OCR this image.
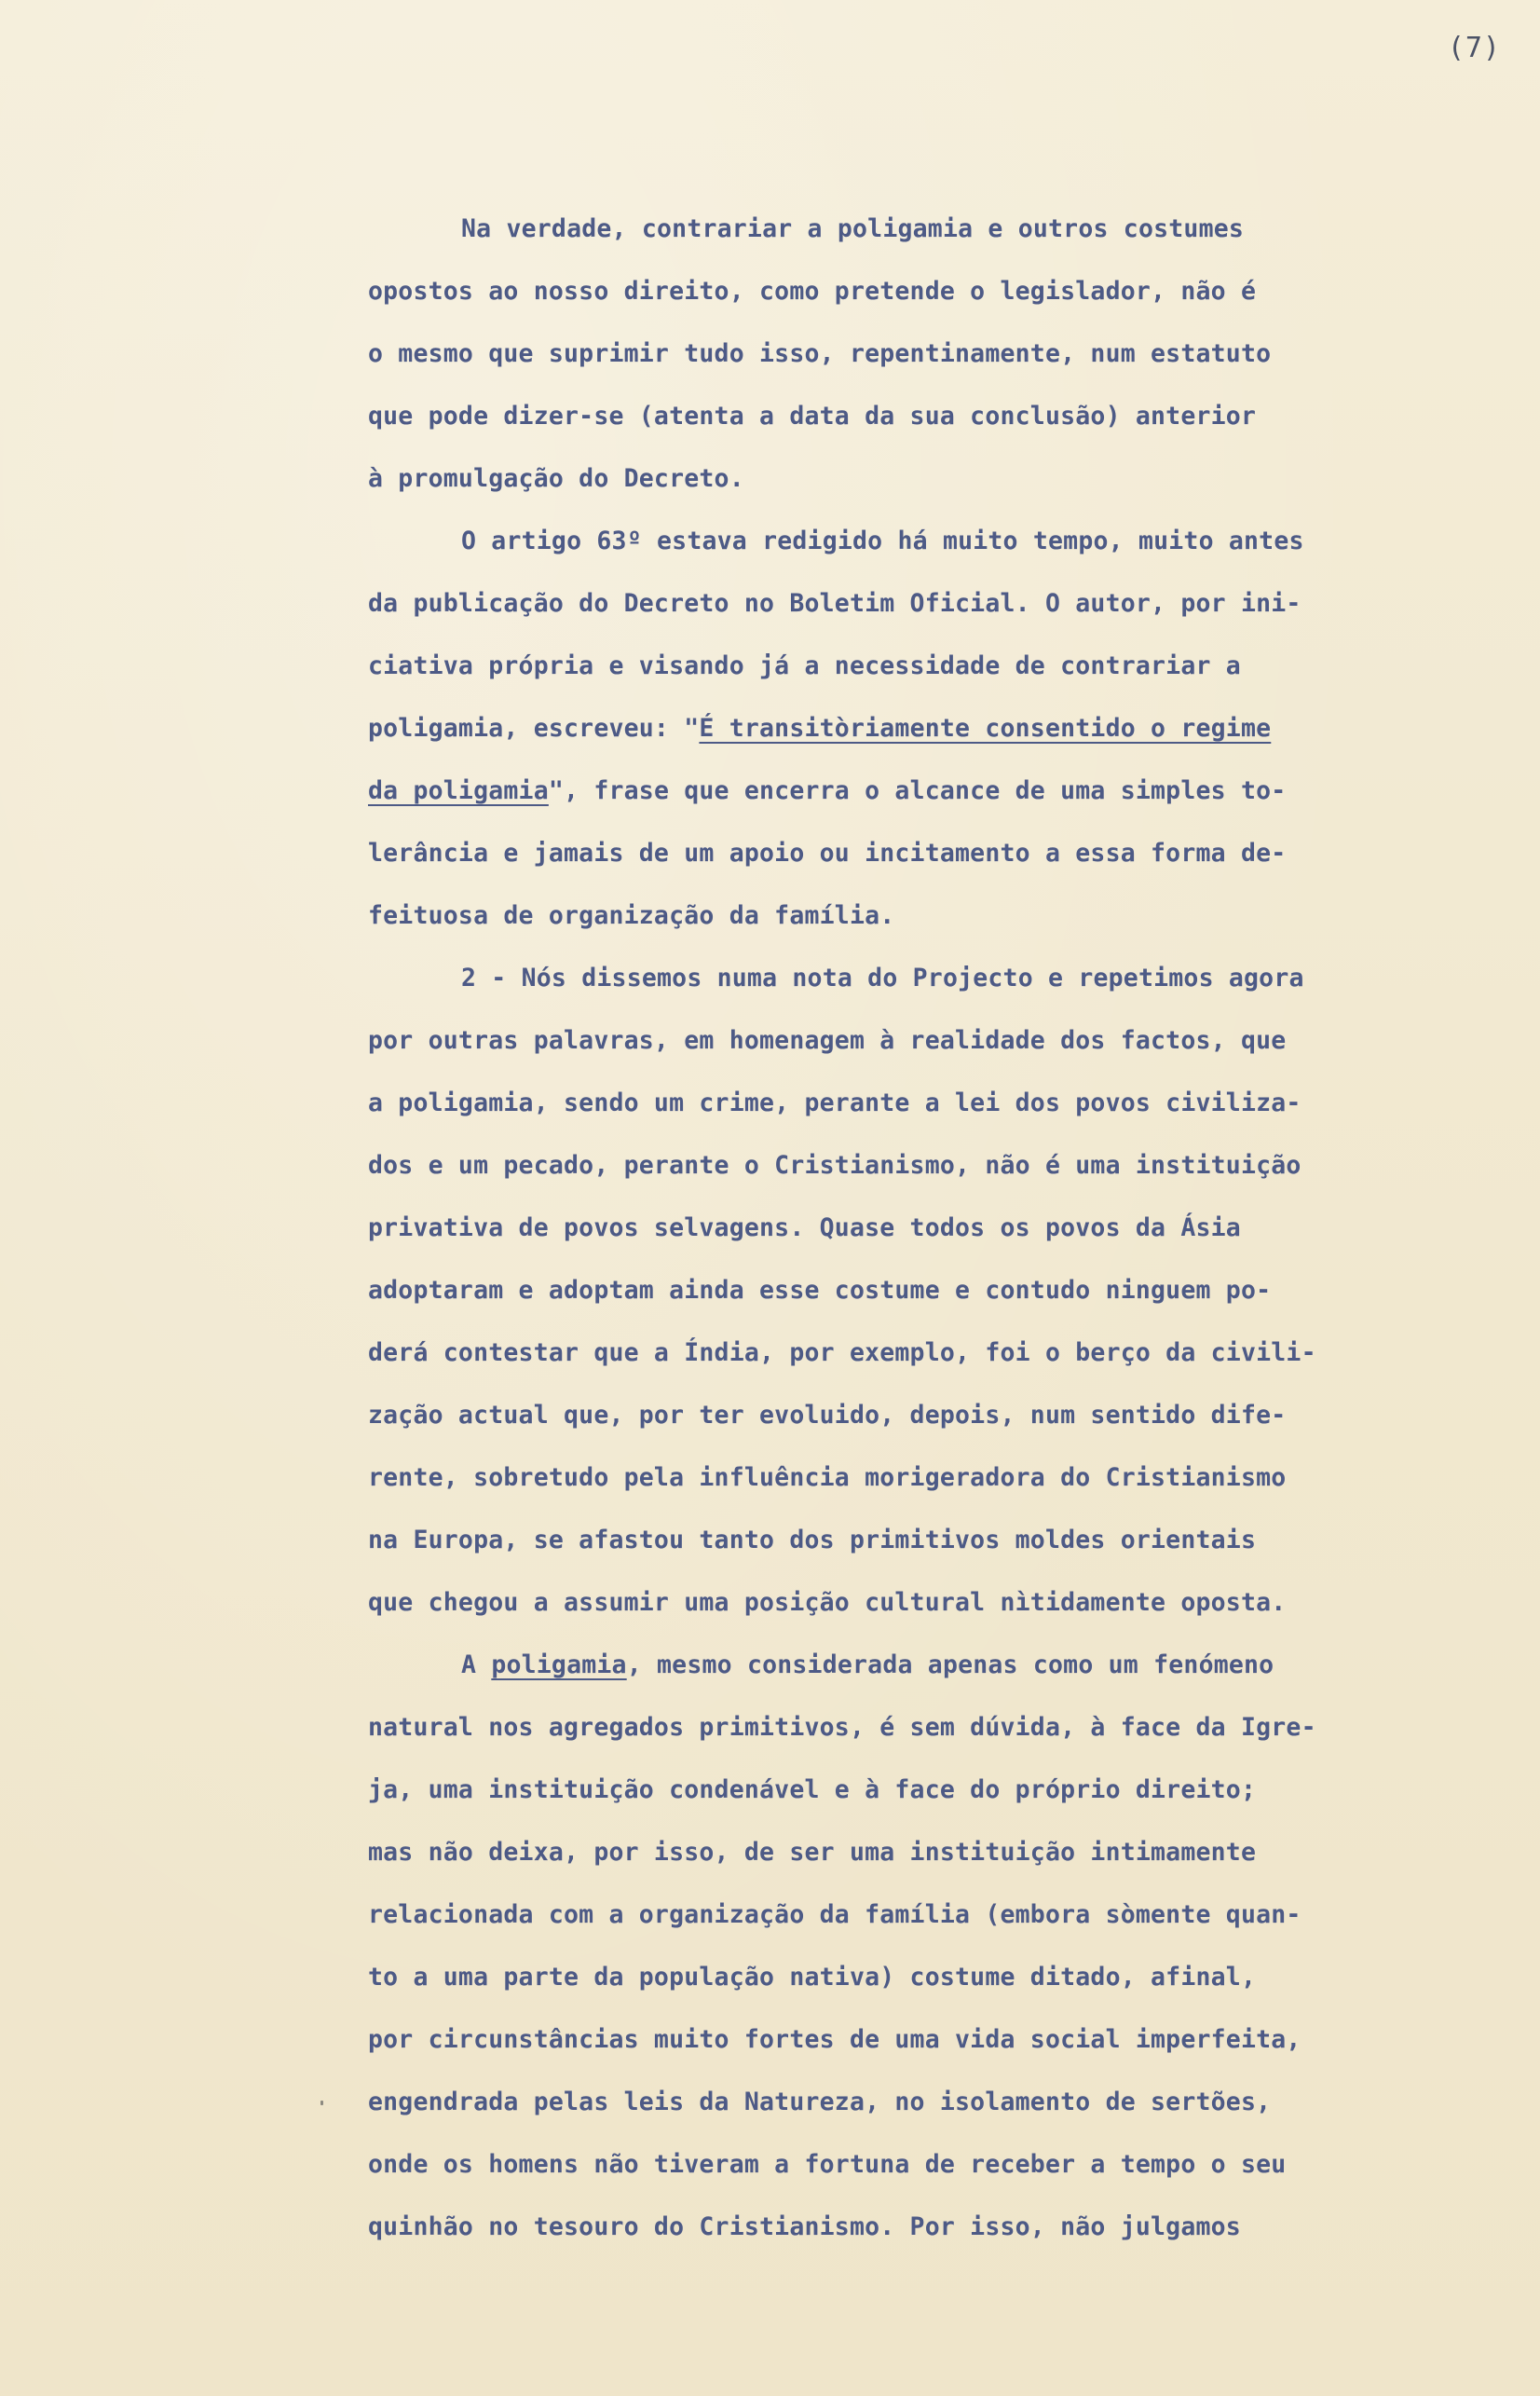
(7)
Na verdade, contrariar a poligamia e outros costumes
opostos ao nosso direito, como pretende o legislador, não é
o mesmo que suprimir tudo isso, repentinamente, num estatuto
que pode dizer-se (atenta a data da sua conclusão) anterior
à promulgação do Decreto.
O artigo 63º estava redigido há muito tempo, muito antes
da publicação do Decreto no Boletim Oficial. O autor, por ini-
ciativa própria e visando já a necessidade de contrariar a
poligamia, escreveu: "É transitòriamente consentido o regime
da poligamia", frase que encerra o alcance de uma simples to-
lerância e jamais de um apoio ou incitamento a essa forma de-
feituosa de organização da família.
2 - Nós dissemos numa nota do Projecto e repetimos agora
por outras palavras, em homenagem à realidade dos factos, que
a poligamia, sendo um crime, perante a lei dos povos civiliza-
dos e um pecado, perante o Cristianismo, não é uma instituição
privativa de povos selvagens. Quase todos os povos da Ásia
adoptaram e adoptam ainda esse costume e contudo ninguem po-
derá contestar que a Índia, por exemplo, foi o berço da civili-
zação actual que, por ter evoluido, depois, num sentido dife-
rente, sobretudo pela influência morigeradora do Cristianismo
na Europa, se afastou tanto dos primitivos moldes orientais
que chegou a assumir uma posição cultural nìtidamente oposta.
A poligamia, mesmo considerada apenas como um fenómeno
natural nos agregados primitivos, é sem dúvida, à face da Igre-
ja, uma instituição condenável e à face do próprio direito;
mas não deixa, por isso, de ser uma instituição intimamente
relacionada com a organização da família (embora sòmente quan-
to a uma parte da população nativa) costume ditado, afinal,
por circunstâncias muito fortes de uma vida social imperfeita,
engendrada pelas leis da Natureza, no isolamento de sertões,
onde os homens não tiveram a fortuna de receber a tempo o seu
quinhão no tesouro do Cristianismo. Por isso, não julgamos
